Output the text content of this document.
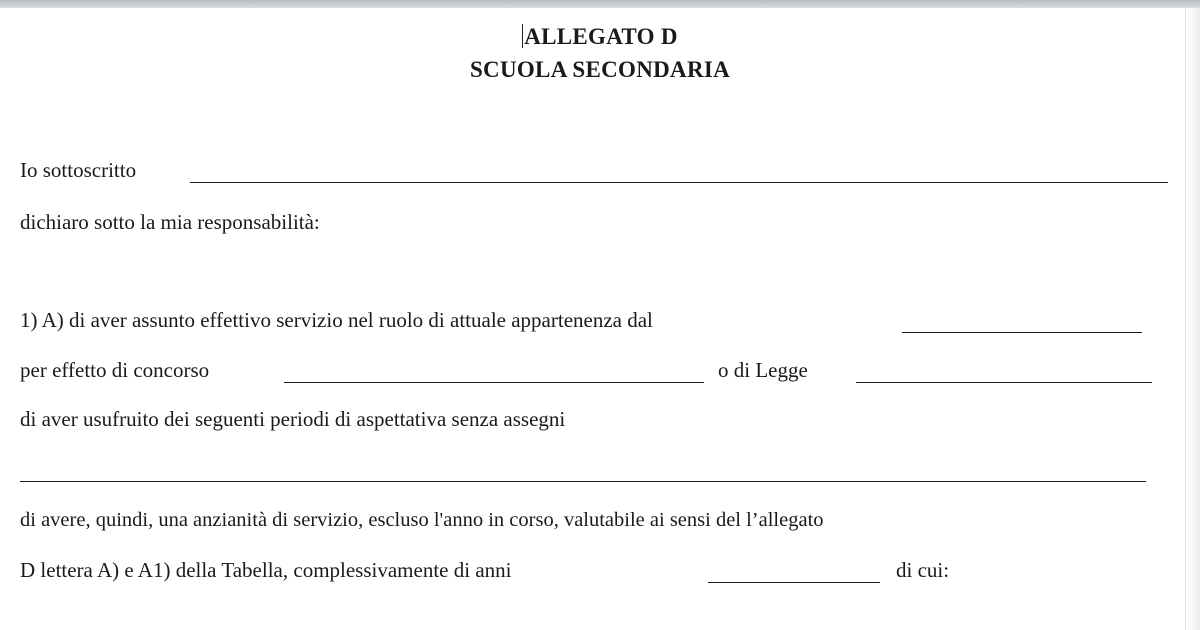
ALLEGATO D
SCUOLA SECONDARIA
Io sottoscritto
dichiaro sotto la mia responsabilità:
1) A) di aver assunto effettivo servizio nel ruolo di attuale appartenenza dal
per effetto di concorso	o di Legge
di aver usufruito dei seguenti periodi di aspettativa senza assegni
di avere, quindi, una anzianità di servizio, escluso l'anno in corso, valutabile ai sensi del l’allegato
D lettera A) e A1) della Tabella, complessivamente di anni	di cui:
